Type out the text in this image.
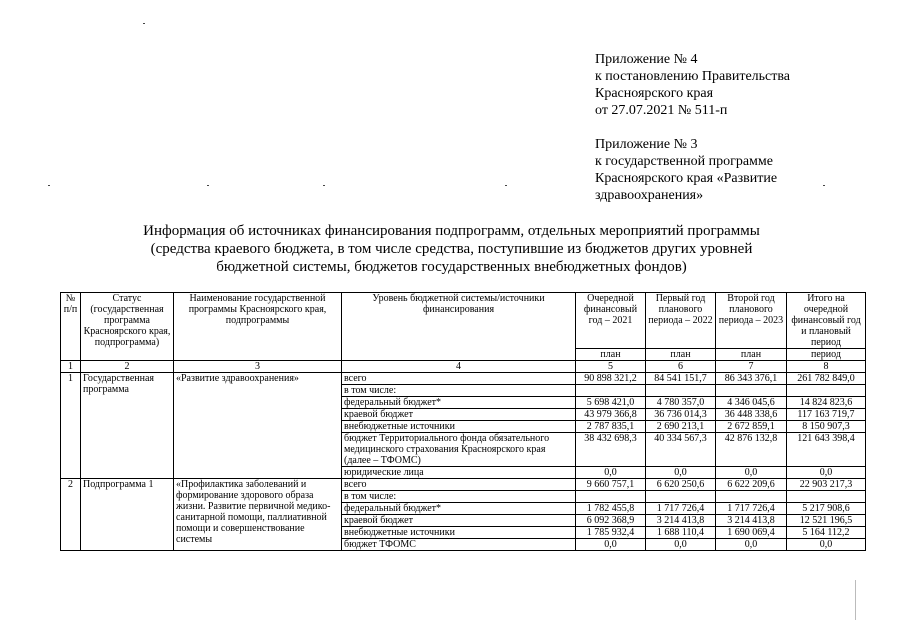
Приложение № 4
к постановлению Правительства
Красноярского края
от 27.07.2021 № 511-п
Приложение № 3
к государственной программе
Красноярского края «Развитие
здравоохранения»
Информация об источниках финансирования подпрограмм, отдельных мероприятий программы
(средства краевого бюджета, в том числе средства, поступившие из бюджетов других уровней
бюджетной системы, бюджетов государственных внебюджетных фондов)
№ п/п	Статус (государственная программа Красноярского края, подпрограмма)	Наименование государственной программы Красноярского края, подпрограммы	Уровень бюджетной системы/источники финансирования	Очередной финансовый год – 2021	Первый год планового периода – 2022	Второй год планового периода – 2023	Итого на очередной финансовый год и плановый период
				план	план	план	период
1	2	3	4	5	6	7	8
1	Государственная программа	«Развитие здравоохранения»	всего	90 898 321,2	84 541 151,7	86 343 376,1	261 782 849,0
			в том числе:				
			федеральный бюджет*	5 698 421,0	4 780 357,0	4 346 045,6	14 824 823,6
			краевой бюджет	43 979 366,8	36 736 014,3	36 448 338,6	117 163 719,7
			внебюджетные источники	2 787 835,1	2 690 213,1	2 672 859,1	8 150 907,3
			бюджет Территориального фонда обязательного медицинского страхования Красноярского края (далее – ТФОМС)	38 432 698,3	40 334 567,3	42 876 132,8	121 643 398,4
			юридические лица	0,0	0,0	0,0	0,0
2	Подпрограмма 1	«Профилактика заболеваний и формирование здорового образа жизни. Развитие первичной медико-санитарной помощи, паллиативной помощи и совершенствование системы	всего	9 660 757,1	6 620 250,6	6 622 209,6	22 903 217,3
			в том числе:				
			федеральный бюджет*	1 782 455,8	1 717 726,4	1 717 726,4	5 217 908,6
			краевой бюджет	6 092 368,9	3 214 413,8	3 214 413,8	12 521 196,5
			внебюджетные источники	1 785 932,4	1 688 110,4	1 690 069,4	5 164 112,2
			бюджет ТФОМС	0,0	0,0	0,0	0,0
